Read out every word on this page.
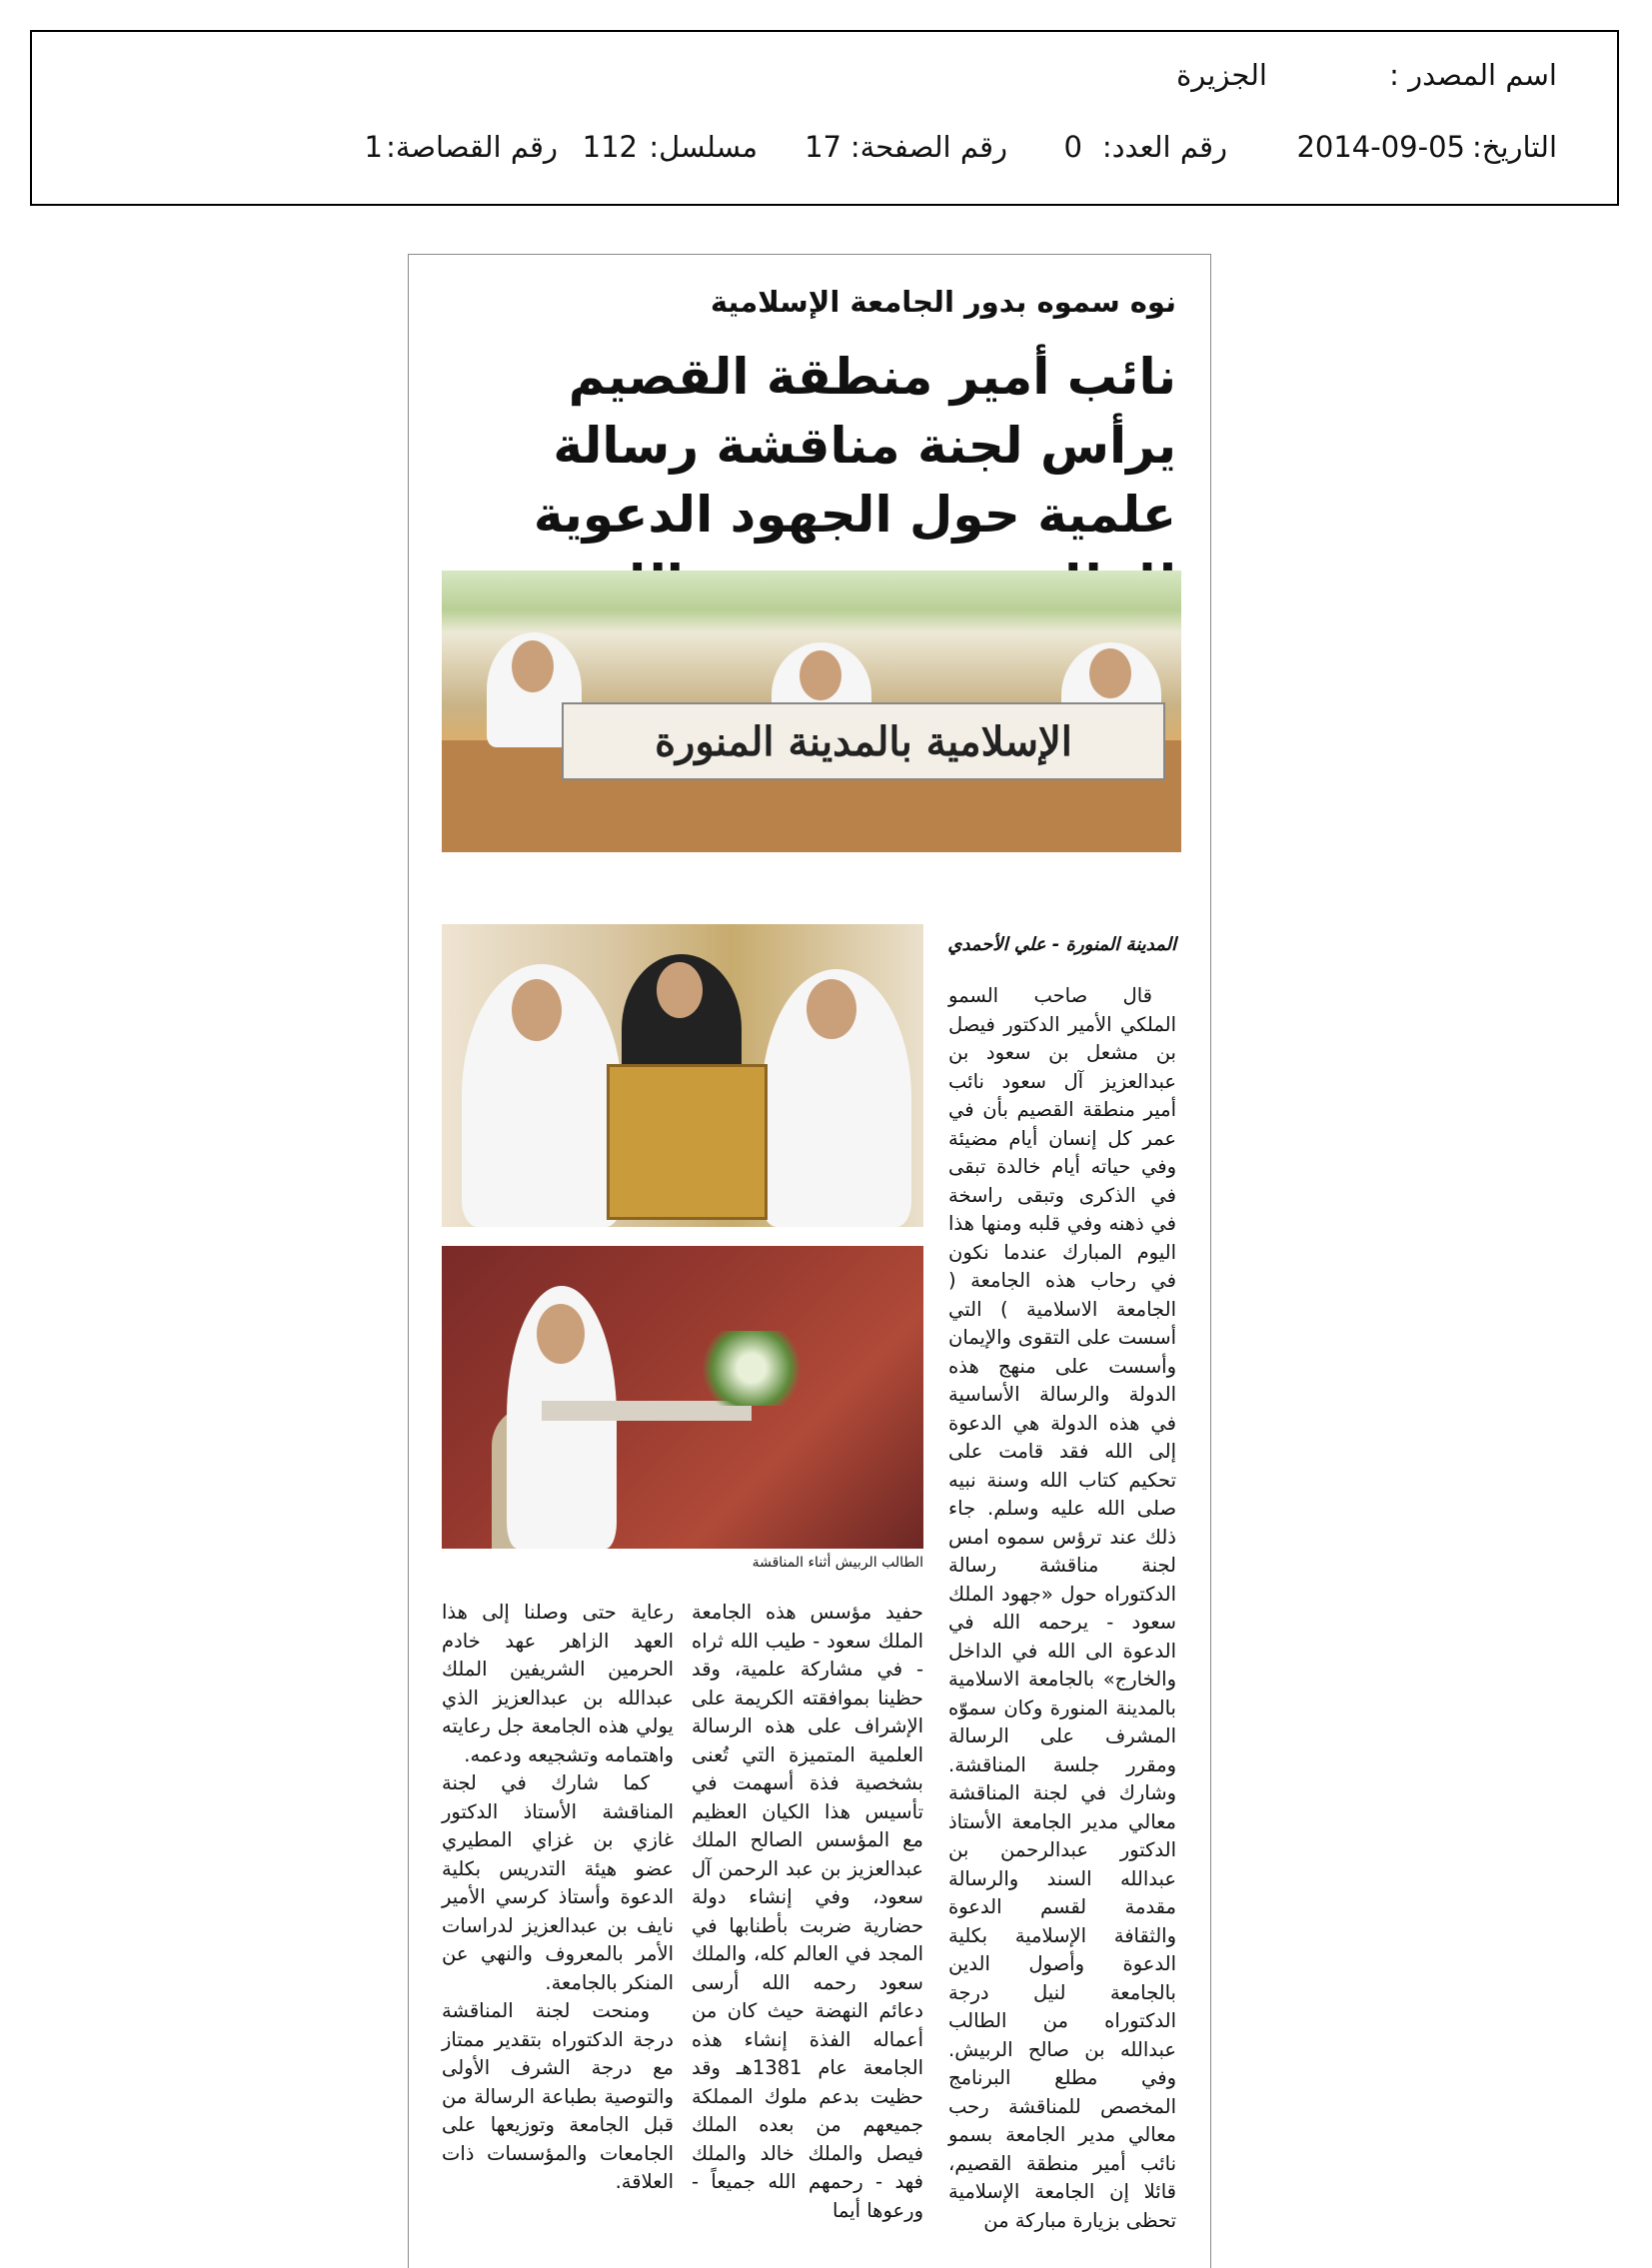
اسم المصدر :
الجزيرة
التاريخ:
2014-09-05
رقم العدد:
0
رقم الصفحة:
17
مسلسل:
112
رقم القصاصة:
1
نوه سموه بدور الجامعة الإسلامية
نائب أمير منطقة القصيم يرأس لجنة مناقشة رسالة علمية حول الجهود الدعوية
الإسلامية بالمدينة المنورة
الطالب الربيش أثناء المناقشة
المدينة المنورة - علي الأحمدي

قال صاحب السمو الملكي الأمير الدكتور فيصل بن مشعل بن سعود بن عبدالعزيز آل سعود نائب أمير منطقة القصيم بأن في عمر كل إنسان أيام مضيئة وفي حياته أيام خالدة تبقى في الذكرى وتبقى راسخة في ذهنه وفي قلبه ومنها هذا اليوم المبارك عندما نكون في رحاب هذه الجامعة ( الجامعة الاسلامية ) التي أسست على التقوى والإيمان وأسست على منهج هذه الدولة والرسالة الأساسية في هذه الدولة هي الدعوة إلى الله فقد قامت على تحكيم كتاب الله وسنة نبيه صلى الله عليه وسلم. جاء ذلك عند ترؤس سموه امس لجنة مناقشة رسالة الدكتوراه حول «جهود الملك سعود - يرحمه الله في الدعوة الى الله في الداخل والخارج» بالجامعة الاسلامية بالمدينة المنورة وكان سموّه المشرف على الرسالة ومقرر جلسة المناقشة. وشارك في لجنة المناقشة معالي مدير الجامعة الأستاذ الدكتور عبدالرحمن بن عبدالله السند والرسالة مقدمة لقسم الدعوة والثقافة الإسلامية بكلية الدعوة وأصول الدين بالجامعة لنيل درجة الدكتوراه من الطالب عبدالله بن صالح الربيش. وفي مطلع البرنامج المخصص للمناقشة رحب معالي مدير الجامعة بسمو نائب أمير منطقة القصيم، قائلا إن الجامعة الإسلامية تحظى بزيارة مباركة من

حفيد مؤسس هذه الجامعة الملك سعود - طيب الله ثراه - في مشاركة علمية، وقد حظينا بموافقته الكريمة على الإشراف على هذه الرسالة العلمية المتميزة التي تُعنى بشخصية فذة أسهمت في تأسيس هذا الكيان العظيم مع المؤسس الصالح الملك عبدالعزيز بن عبد الرحمن آل سعود، وفي إنشاء دولة حضارية ضربت بأطنابها في المجد في العالم كله، والملك سعود رحمه الله أرسى دعائم النهضة حيث كان من أعماله الفذة إنشاء هذه الجامعة عام 1381هـ وقد حظيت بدعم ملوك المملكة جميعهم من بعده الملك فيصل والملك خالد والملك فهد - رحمهم الله جميعاً - ورعوها أيما

رعاية حتى وصلنا إلى هذا العهد الزاهر عهد خادم الحرمين الشريفين الملك عبدالله بن عبدالعزيز الذي يولي هذه الجامعة جل رعايته واهتمامه وتشجيعه ودعمه.

كما شارك في لجنة المناقشة الأستاذ الدكتور غازي بن غزاي المطيري عضو هيئة التدريس بكلية الدعوة وأستاذ كرسي الأمير نايف بن عبدالعزيز لدراسات الأمر بالمعروف والنهي عن المنكر بالجامعة.

ومنحت لجنة المناقشة درجة الدكتوراه بتقدير ممتاز مع درجة الشرف الأولى والتوصية بطباعة الرسالة من قبل الجامعة وتوزيعها على الجامعات والمؤسسات ذات العلاقة.
